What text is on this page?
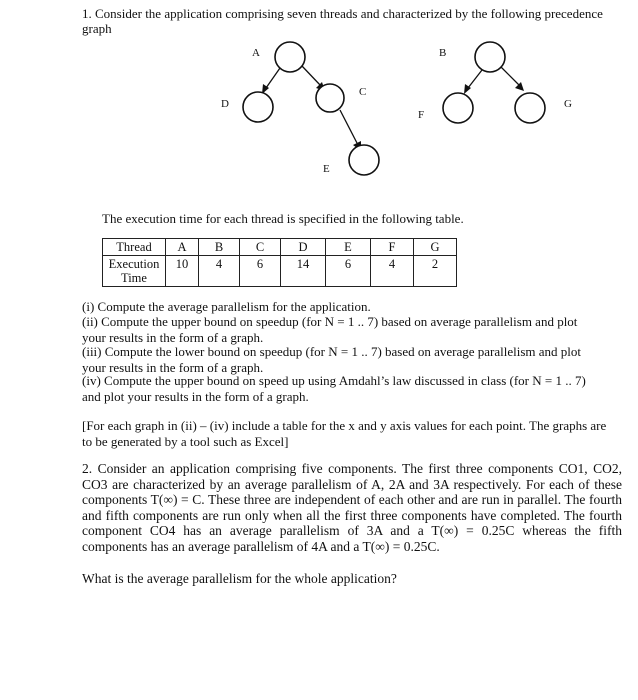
1. Consider the application comprising seven threads and characterized by the following precedence
graph
A
D
C
E
B
F
G
The execution time for each thread is specified in the following table.
Thread	A	B	C	D	E	F	G
Execution Time	10	4	6	14	6	4	2
(i) Compute the average parallelism for the application.
(ii) Compute the upper bound on speedup (for N = 1 .. 7) based on average parallelism and plot your results in the form of a graph.
(iii) Compute the lower bound on speedup (for N = 1 .. 7) based on average parallelism and plot your results in the form of a graph.
(iv) Compute the upper bound on speed up using Amdahl’s law discussed in class (for N = 1 .. 7) and plot your results in the form of a graph.
[For each graph in (ii) – (iv) include a table for the x and y axis values for each point. The graphs are to be generated by a tool such as Excel]
2. Consider an application comprising five components. The first three components CO1, CO2, CO3 are characterized by an average parallelism of A, 2A and 3A respectively. For each of these components T(∞) = C. These three are independent of each other and are run in parallel. The fourth and fifth components are run only when all the first three components have completed. The fourth component CO4 has an average parallelism of 3A and a T(∞) = 0.25C whereas the fifth components has an average parallelism of 4A and a T(∞) = 0.25C.
What is the average parallelism for the whole application?
